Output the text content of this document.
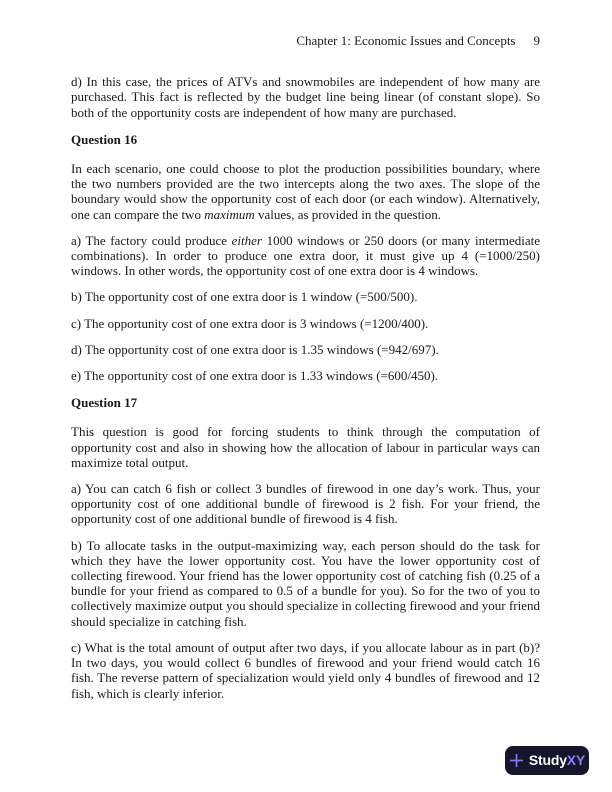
Chapter 1: Economic Issues and Concepts 9

d) In this case, the prices of ATVs and snowmobiles are independent of how many are purchased. This fact is reflected by the budget line being linear (of constant slope). So both of the opportunity costs are independent of how many are purchased.

Question 16

In each scenario, one could choose to plot the production possibilities boundary, where the two numbers provided are the two intercepts along the two axes. The slope of the boundary would show the opportunity cost of each door (or each window). Alternatively, one can compare the two maximum values, as provided in the question.

a) The factory could produce either 1000 windows or 250 doors (or many intermediate combinations). In order to produce one extra door, it must give up 4 (=1000/250) windows. In other words, the opportunity cost of one extra door is 4 windows.

b) The opportunity cost of one extra door is 1 window (=500/500).

c) The opportunity cost of one extra door is 3 windows (=1200/400).

d) The opportunity cost of one extra door is 1.35 windows (=942/697).

e) The opportunity cost of one extra door is 1.33 windows (=600/450).

Question 17

This question is good for forcing students to think through the computation of opportunity cost and also in showing how the allocation of labour in particular ways can maximize total output.

a) You can catch 6 fish or collect 3 bundles of firewood in one day’s work. Thus, your opportunity cost of one additional bundle of firewood is 2 fish. For your friend, the opportunity cost of one additional bundle of firewood is 4 fish.

b) To allocate tasks in the output-maximizing way, each person should do the task for which they have the lower opportunity cost. You have the lower opportunity cost of collecting firewood. Your friend has the lower opportunity cost of catching fish (0.25 of a bundle for your friend as compared to 0.5 of a bundle for you). So for the two of you to collectively maximize output you should specialize in collecting firewood and your friend should specialize in catching fish.

c) What is the total amount of output after two days, if you allocate labour as in part (b)? In two days, you would collect 6 bundles of firewood and your friend would catch 16 fish. The reverse pattern of specialization would yield only 4 bundles of firewood and 12 fish, which is clearly inferior.

StudyXY
